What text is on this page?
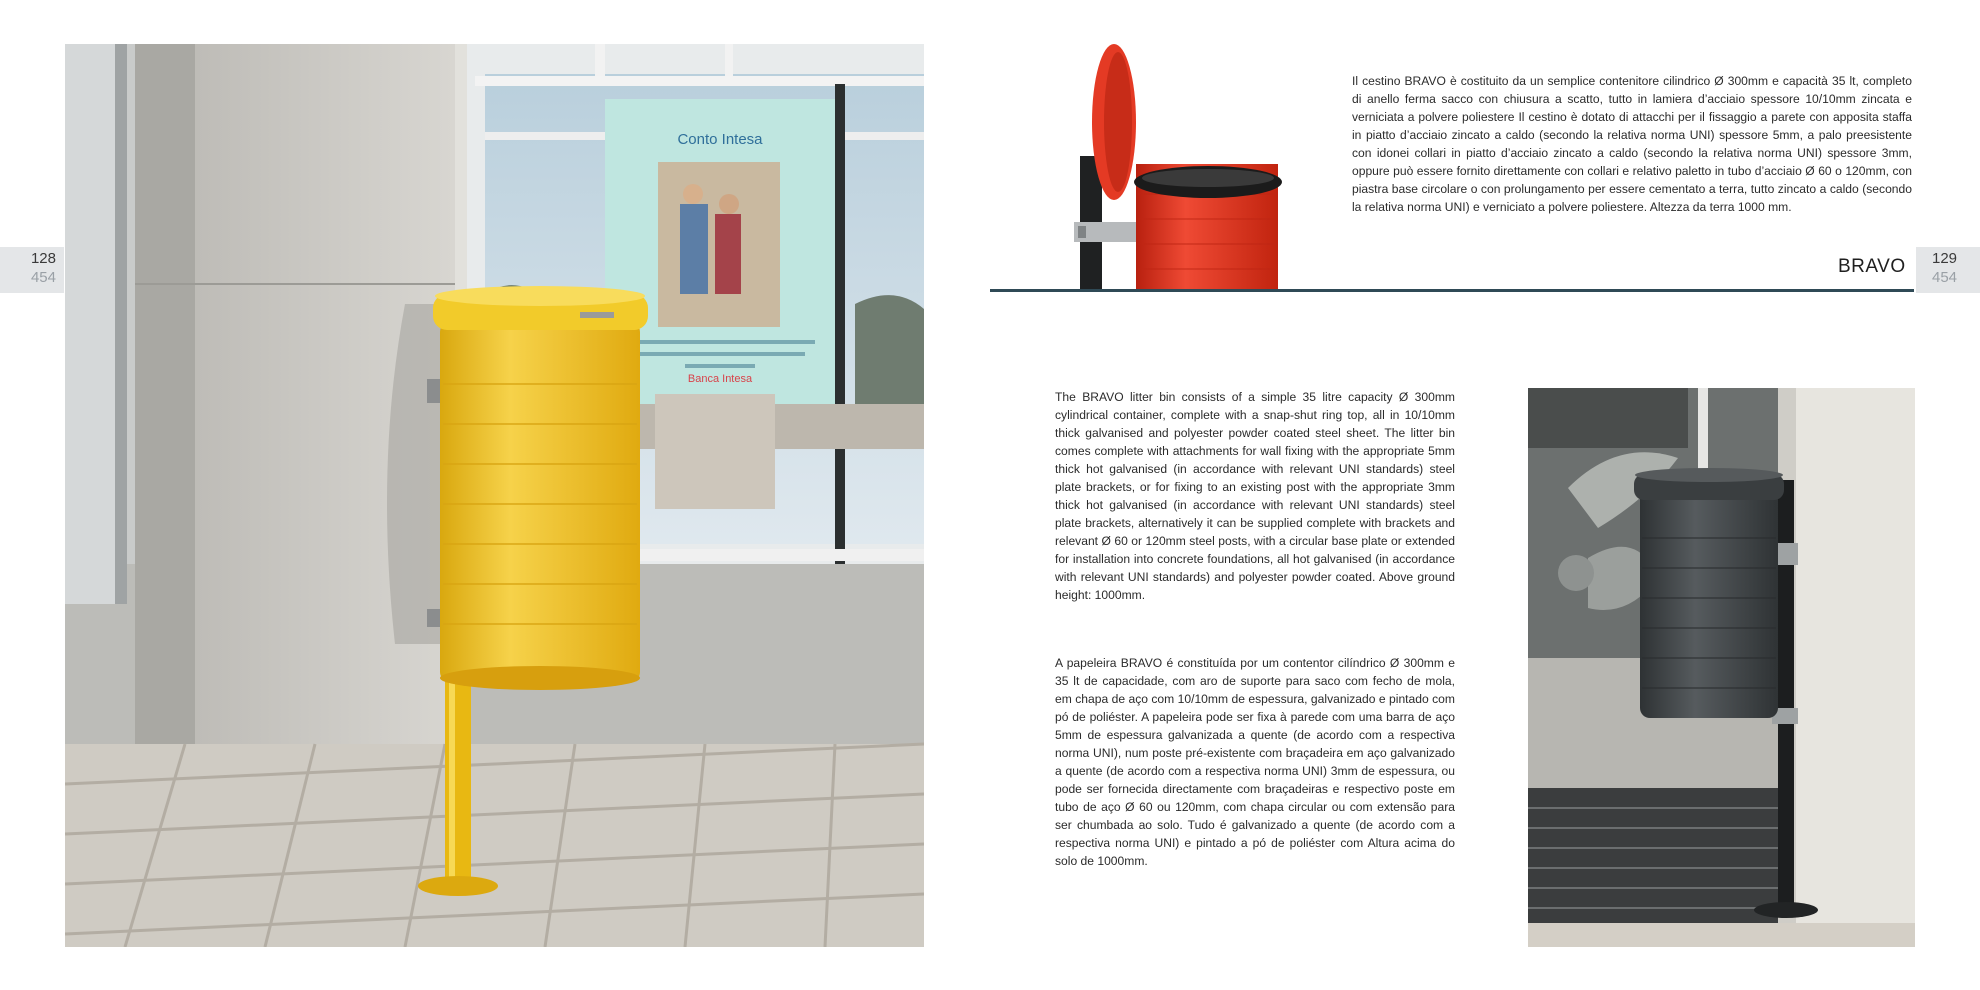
128
454
129
454
Conto Intesa
Banca Intesa
Il cestino BRAVO è costituito da un semplice contenitore cilindrico Ø 300mm e capacità 35 lt, completo di anello ferma sacco con chiusura a scatto, tutto in lamiera d’acciaio spessore 10/10mm zincata e verniciata a polvere poliestere Il cestino è dotato di attacchi per il fissaggio a parete con apposita staffa in piatto d’acciaio zincato a caldo (secondo la relativa norma UNI) spessore 5mm, a palo preesistente con idonei collari in piatto d’acciaio zincato a caldo (secondo la relativa norma UNI) spessore 3mm, oppure può essere fornito direttamente con collari e relativo paletto in tubo d’acciaio Ø 60 o 120mm, con piastra base circolare o con prolungamento per essere cementato a terra, tutto zincato a caldo (secondo la relativa norma UNI) e verniciato a polvere poliestere. Altezza da terra 1000 mm.
BRAVO
The BRAVO litter bin consists of a simple 35 litre capacity Ø 300mm cylindrical container, complete with a snap-shut ring top, all in 10/10mm thick galvanised and polyester powder coated steel sheet. The litter bin comes complete with attachments for wall fixing with the appropriate 5mm thick hot galvanised (in accordance with relevant UNI standards) steel plate brackets, or for fixing to an existing post with the appropriate 3mm thick hot galvanised (in accordance with relevant UNI standards) steel plate brackets, alternatively it can be supplied complete with brackets and relevant Ø 60 or 120mm steel posts, with a circular base plate or extended for installation into concrete foundations, all hot galvanised (in accordance with relevant UNI standards) and polyester powder coated. Above ground height: 1000mm.
A papeleira BRAVO é constituída por um contentor cilíndrico Ø 300mm e 35 lt de capacidade, com aro de suporte para saco com fecho de mola, em chapa de aço com 10/10mm de espessura, galvanizado e pintado com pó de poliéster. A papeleira pode ser fixa à parede com uma barra de aço 5mm de espessura galvanizada a quente (de acordo com a respectiva norma UNI), num poste pré-existente com braçadeira em aço galvanizado a quente (de acordo com a respectiva norma UNI) 3mm de espessura, ou pode ser fornecida directamente com braçadeiras e respectivo poste em tubo de aço Ø 60 ou 120mm, com chapa circular ou com extensão para ser chumbada ao solo. Tudo é galvanizado a quente (de acordo com a respectiva norma UNI) e pintado a pó de poliéster com Altura acima do solo de 1000mm.
